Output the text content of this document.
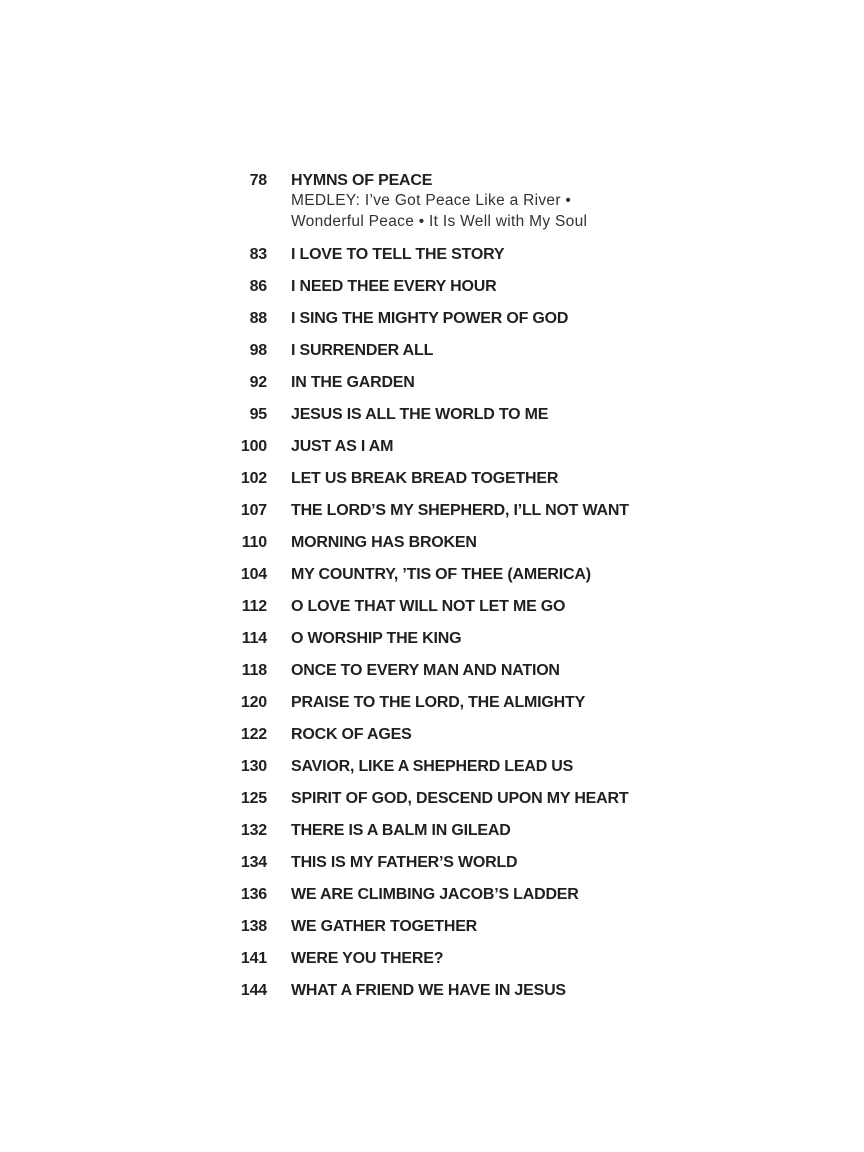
78 HYMNS OF PEACE
MEDLEY: I’ve Got Peace Like a River •
Wonderful Peace • It Is Well with My Soul
83 I LOVE TO TELL THE STORY
86 I NEED THEE EVERY HOUR
88 I SING THE MIGHTY POWER OF GOD
98 I SURRENDER ALL
92 IN THE GARDEN
95 JESUS IS ALL THE WORLD TO ME
100 JUST AS I AM
102 LET US BREAK BREAD TOGETHER
107 THE LORD’S MY SHEPHERD, I’LL NOT WANT
110 MORNING HAS BROKEN
104 MY COUNTRY, ’TIS OF THEE (AMERICA)
112 O LOVE THAT WILL NOT LET ME GO
114 O WORSHIP THE KING
118 ONCE TO EVERY MAN AND NATION
120 PRAISE TO THE LORD, THE ALMIGHTY
122 ROCK OF AGES
130 SAVIOR, LIKE A SHEPHERD LEAD US
125 SPIRIT OF GOD, DESCEND UPON MY HEART
132 THERE IS A BALM IN GILEAD
134 THIS IS MY FATHER’S WORLD
136 WE ARE CLIMBING JACOB’S LADDER
138 WE GATHER TOGETHER
141 WERE YOU THERE?
144 WHAT A FRIEND WE HAVE IN JESUS
